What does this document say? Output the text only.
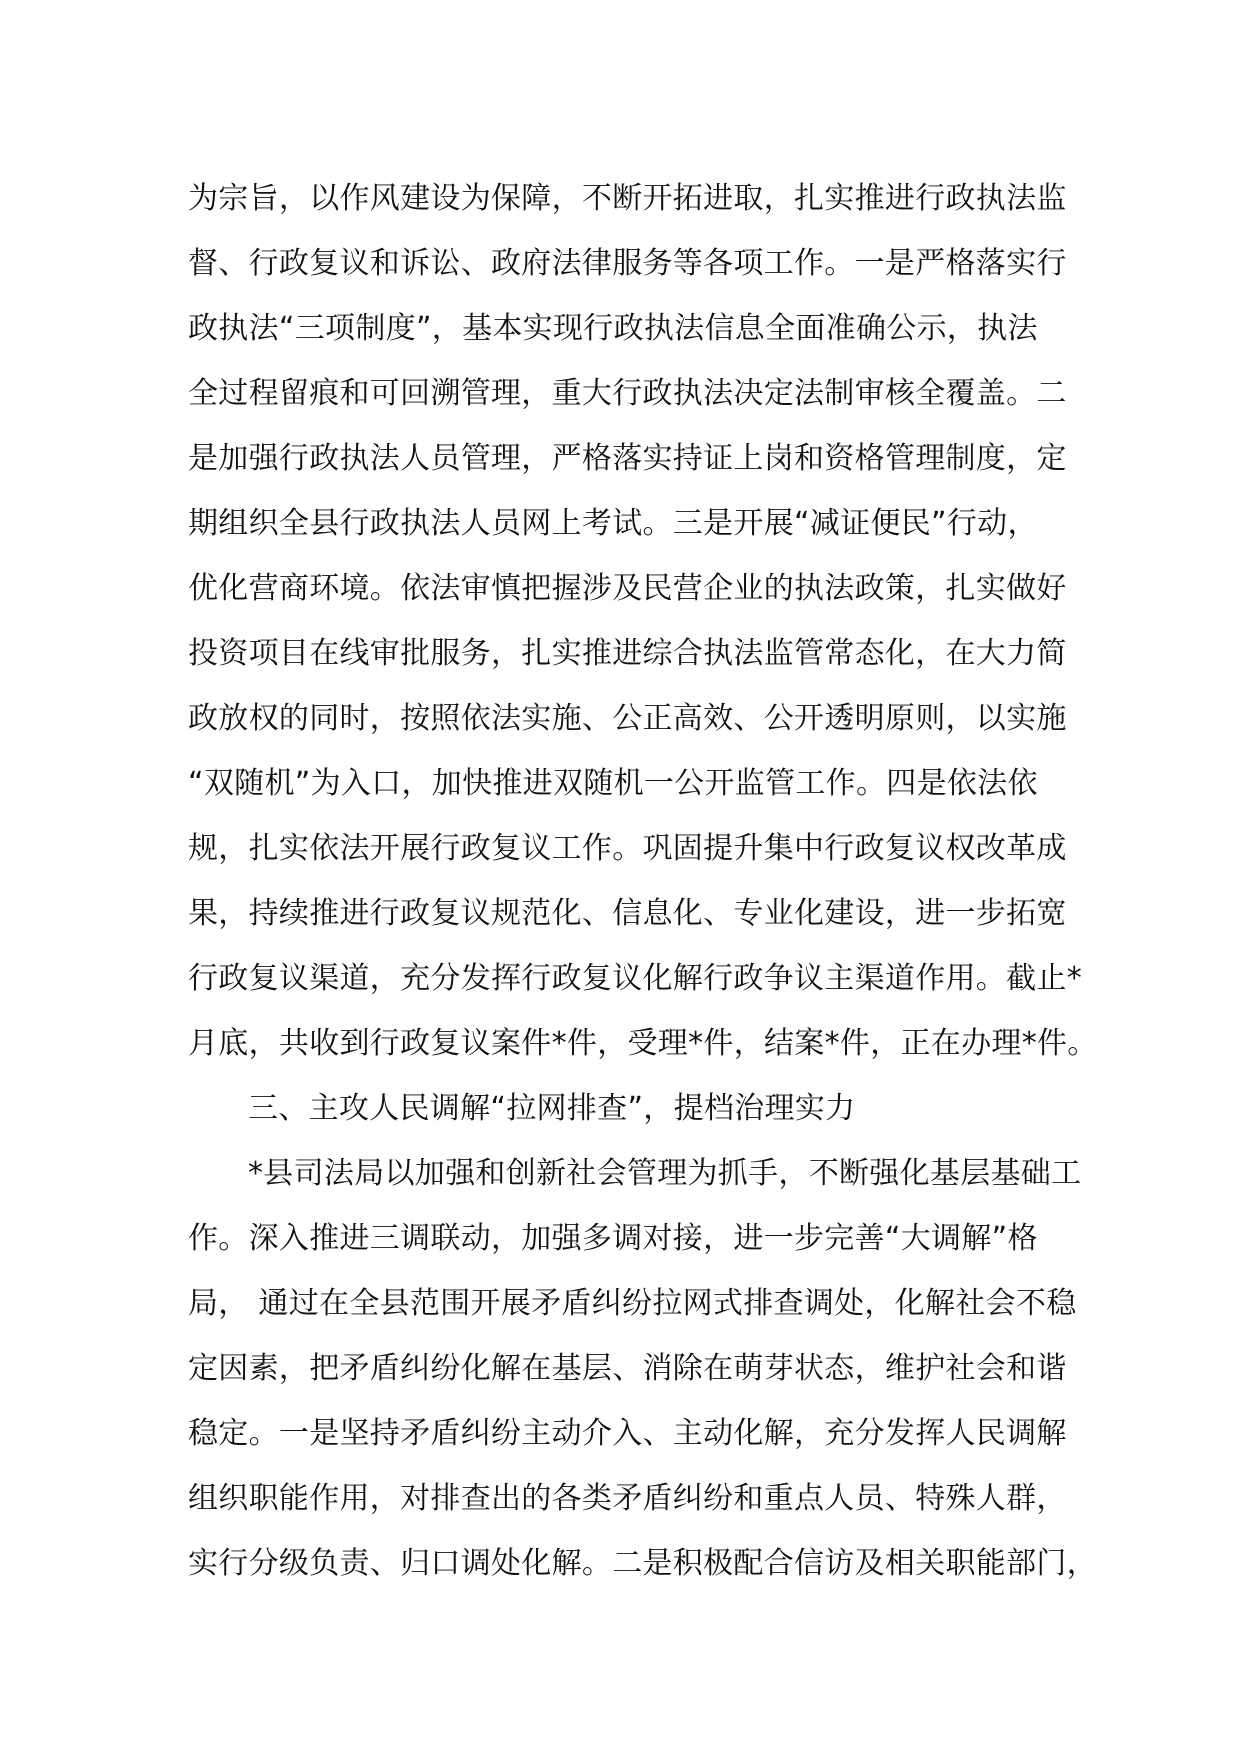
为宗旨，以作风建设为保障，不断开拓进取，扎实推进行政执法监
督、行政复议和诉讼、政府法律服务等各项工作。一是严格落实行
政执法“三项制度”，基本实现行政执法信息全面准确公示，执法
全过程留痕和可回溯管理，重大行政执法决定法制审核全覆盖。二
是加强行政执法人员管理，严格落实持证上岗和资格管理制度，定
期组织全县行政执法人员网上考试。三是开展“减证便民”行动，
优化营商环境。依法审慎把握涉及民营企业的执法政策，扎实做好
投资项目在线审批服务，扎实推进综合执法监管常态化，在大力简
政放权的同时，按照依法实施、公正高效、公开透明原则，以实施
“双随机”为入口，加快推进双随机一公开监管工作。四是依法依
规，扎实依法开展行政复议工作。巩固提升集中行政复议权改革成
果，持续推进行政复议规范化、信息化、专业化建设，进一步拓宽
行政复议渠道，充分发挥行政复议化解行政争议主渠道作用。截止*
月底，共收到行政复议案件*件，受理*件，结案*件，正在办理*件。
三、主攻人民调解“拉网排查”，提档治理实力
*县司法局以加强和创新社会管理为抓手，不断强化基层基础工
作。深入推进三调联动，加强多调对接，进一步完善“大调解”格
局， 通过在全县范围开展矛盾纠纷拉网式排查调处，化解社会不稳
定因素，把矛盾纠纷化解在基层、消除在萌芽状态，维护社会和谐
稳定。一是坚持矛盾纠纷主动介入、主动化解，充分发挥人民调解
组织职能作用，对排查出的各类矛盾纠纷和重点人员、特殊人群，
实行分级负责、归口调处化解。二是积极配合信访及相关职能部门，
